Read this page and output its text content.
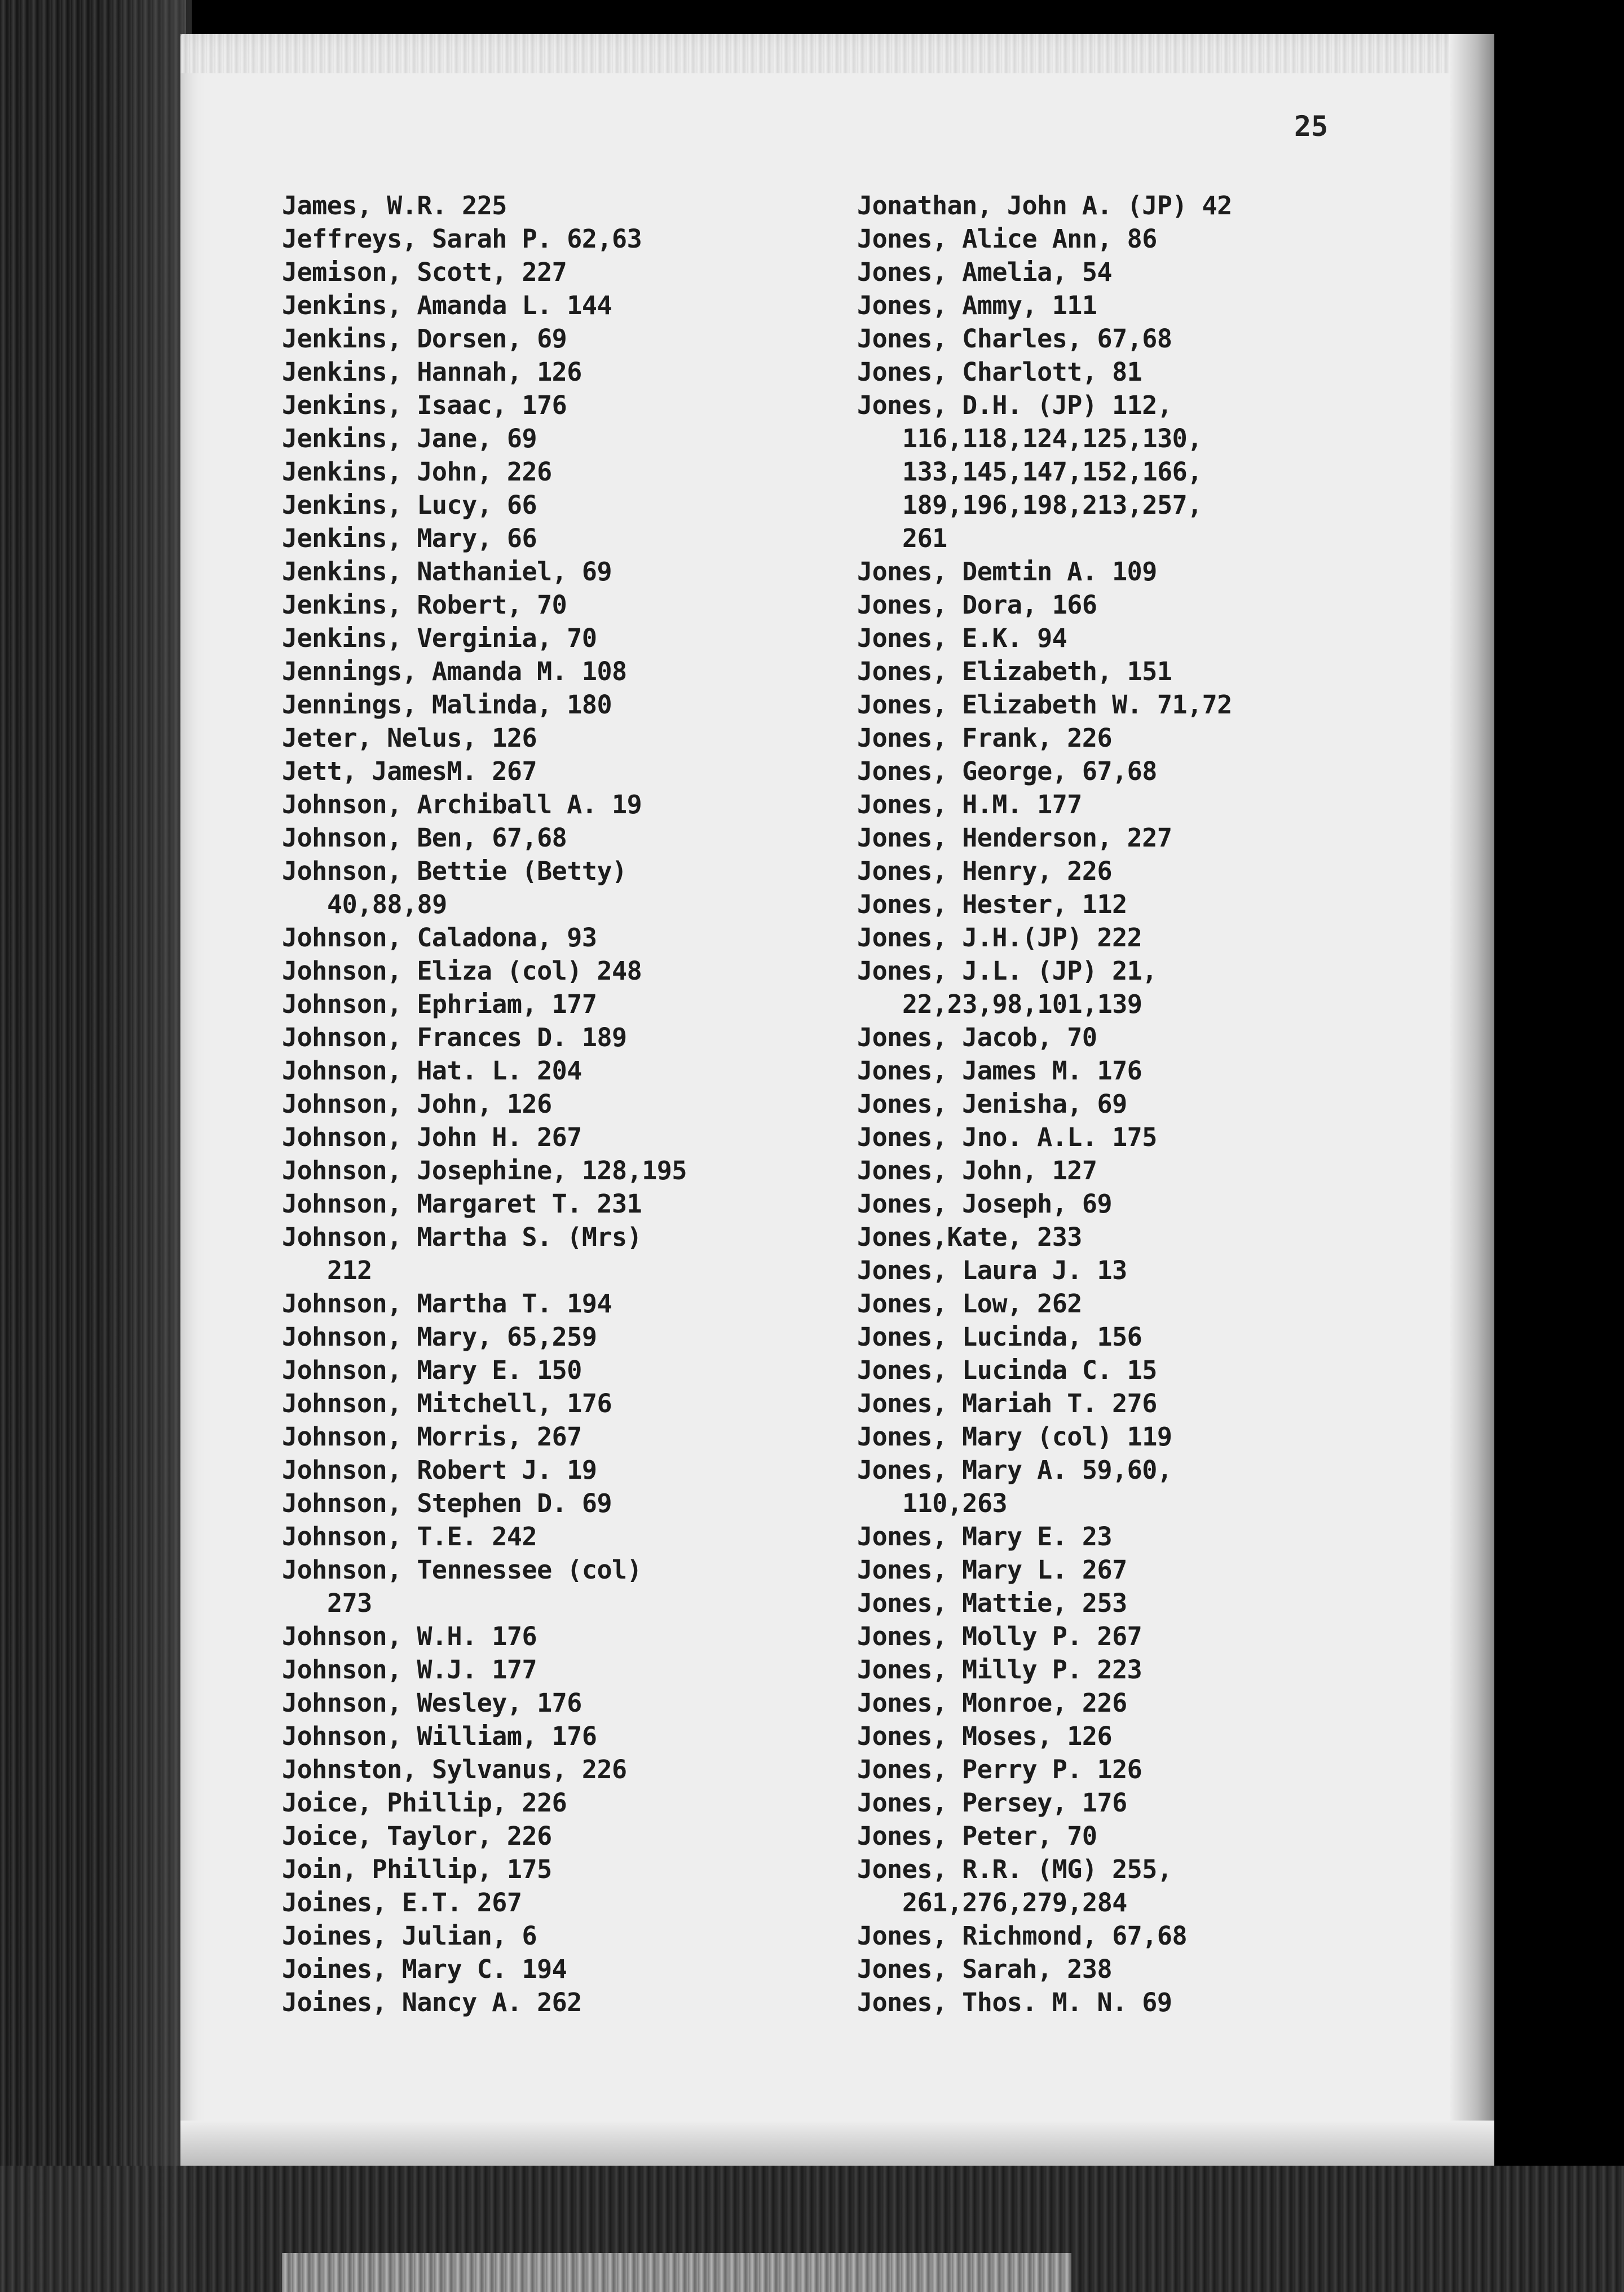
25
James, W.R. 225
Jeffreys, Sarah P. 62,63
Jemison, Scott, 227
Jenkins, Amanda L. 144
Jenkins, Dorsen, 69
Jenkins, Hannah, 126
Jenkins, Isaac, 176
Jenkins, Jane, 69
Jenkins, John, 226
Jenkins, Lucy, 66
Jenkins, Mary, 66
Jenkins, Nathaniel, 69
Jenkins, Robert, 70
Jenkins, Verginia, 70
Jennings, Amanda M. 108
Jennings, Malinda, 180
Jeter, Nelus, 126
Jett, JamesM. 267
Johnson, Archiball A. 19
Johnson, Ben, 67,68
Johnson, Bettie (Betty)
40,88,89
Johnson, Caladona, 93
Johnson, Eliza (col) 248
Johnson, Ephriam, 177
Johnson, Frances D. 189
Johnson, Hat. L. 204
Johnson, John, 126
Johnson, John H. 267
Johnson, Josephine, 128,195
Johnson, Margaret T. 231
Johnson, Martha S. (Mrs)
212
Johnson, Martha T. 194
Johnson, Mary, 65,259
Johnson, Mary E. 150
Johnson, Mitchell, 176
Johnson, Morris, 267
Johnson, Robert J. 19
Johnson, Stephen D. 69
Johnson, T.E. 242
Johnson, Tennessee (col)
273
Johnson, W.H. 176
Johnson, W.J. 177
Johnson, Wesley, 176
Johnson, William, 176
Johnston, Sylvanus, 226
Joice, Phillip, 226
Joice, Taylor, 226
Join, Phillip, 175
Joines, E.T. 267
Joines, Julian, 6
Joines, Mary C. 194
Joines, Nancy A. 262
Jonathan, John A. (JP) 42
Jones, Alice Ann, 86
Jones, Amelia, 54
Jones, Ammy, 111
Jones, Charles, 67,68
Jones, Charlott, 81
Jones, D.H. (JP) 112,
116,118,124,125,130,
133,145,147,152,166,
189,196,198,213,257,
261
Jones, Demtin A. 109
Jones, Dora, 166
Jones, E.K. 94
Jones, Elizabeth, 151
Jones, Elizabeth W. 71,72
Jones, Frank, 226
Jones, George, 67,68
Jones, H.M. 177
Jones, Henderson, 227
Jones, Henry, 226
Jones, Hester, 112
Jones, J.H.(JP) 222
Jones, J.L. (JP) 21,
22,23,98,101,139
Jones, Jacob, 70
Jones, James M. 176
Jones, Jenisha, 69
Jones, Jno. A.L. 175
Jones, John, 127
Jones, Joseph, 69
Jones,Kate, 233
Jones, Laura J. 13
Jones, Low, 262
Jones, Lucinda, 156
Jones, Lucinda C. 15
Jones, Mariah T. 276
Jones, Mary (col) 119
Jones, Mary A. 59,60,
110,263
Jones, Mary E. 23
Jones, Mary L. 267
Jones, Mattie, 253
Jones, Molly P. 267
Jones, Milly P. 223
Jones, Monroe, 226
Jones, Moses, 126
Jones, Perry P. 126
Jones, Persey, 176
Jones, Peter, 70
Jones, R.R. (MG) 255,
261,276,279,284
Jones, Richmond, 67,68
Jones, Sarah, 238
Jones, Thos. M. N. 69
